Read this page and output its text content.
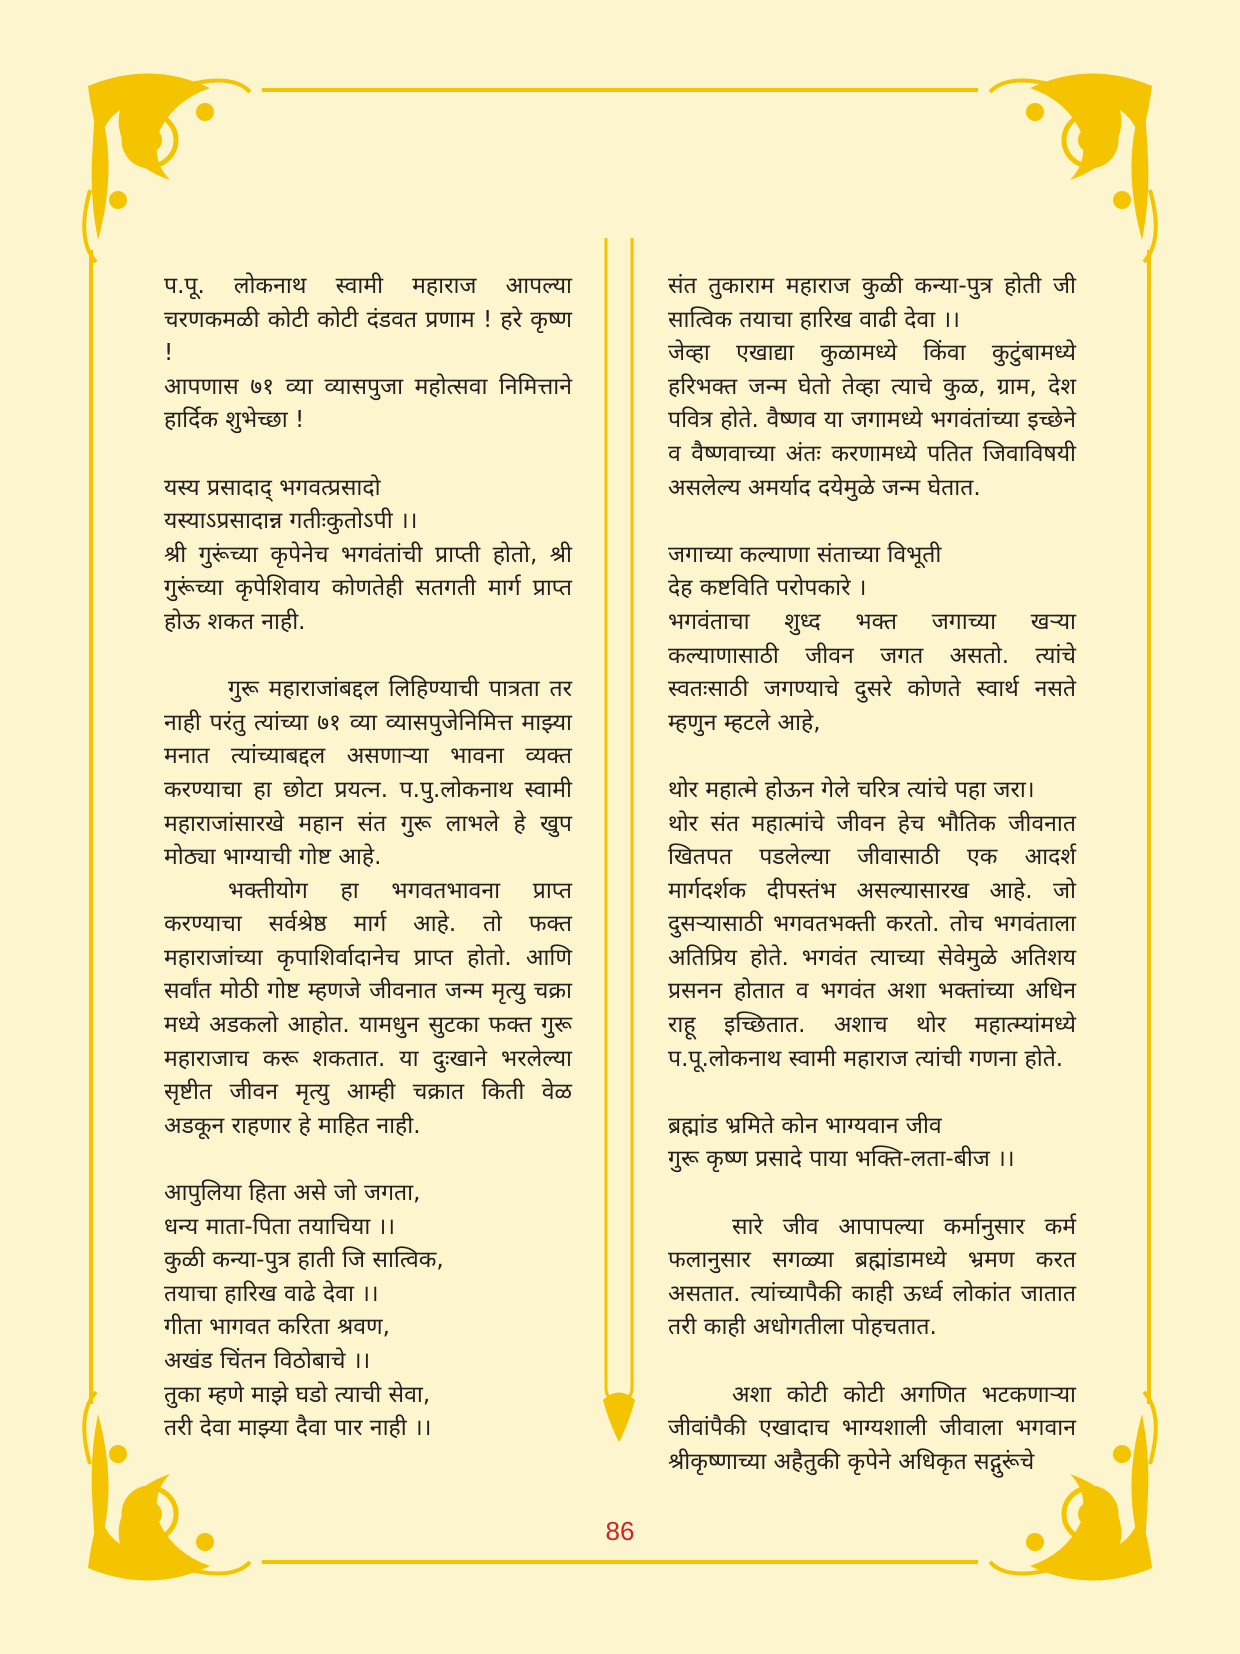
प.पू. लोकनाथ स्वामी महाराज आपल्या चरणकमळी कोटी कोटी दंडवत प्रणाम ! हरे कृष्ण !

आपणास ७१ व्या व्यासपुजा महोत्सवा निमित्ताने हार्दिक शुभेच्छा !

यस्य प्रसादाद् भगवत्प्रसादो

यस्याऽप्रसादान्न गतीःकुतोऽपी ।।

श्री गुरूंच्या कृपेनेच भगवंतांची प्राप्ती होतो, श्री गुरूंच्या कृपेशिवाय कोणतेही सतगती मार्ग प्राप्त होऊ शकत नाही.

गुरू महाराजांबद्दल लिहिण्याची पात्रता तर नाही परंतु त्यांच्या ७१ व्या व्यासपुजेनिमित्त माझ्या मनात त्यांच्याबद्दल असणाऱ्या भावना व्यक्त करण्याचा हा छोटा प्रयत्न. प.पु.लोकनाथ स्वामी महाराजांसारखे महान संत गुरू लाभले हे खुप मोठ्या भाग्याची गोष्ट आहे.

भक्तीयोग हा भगवतभावना प्राप्त करण्याचा सर्वश्रेष्ठ मार्ग आहे. तो फक्त महाराजांच्या कृपाशिर्वादानेच प्राप्त होतो. आणि सर्वांत मोठी गोष्ट म्हणजे जीवनात जन्म मृत्यु चक्रा मध्ये अडकलो आहोत. यामधुन सुटका फक्त गुरू महाराजाच करू शकतात. या दुःखाने भरलेल्या सृष्टीत जीवन मृत्यु आम्ही चक्रात किती वेळ अडकून राहणार हे माहित नाही.

आपुलिया हिता असे जो जगता,

धन्य माता-पिता तयाचिया ।।

कुळी कन्या-पुत्र हाती जि सात्विक,

तयाचा हारिख वाढे देवा ।।

गीता भागवत करिता श्रवण,

अखंड चिंतन विठोबाचे ।।

तुका म्हणे माझे घडो त्याची सेवा,

तरी देवा माझ्या दैवा पार नाही ।।

संत तुकाराम महाराज कुळी कन्या-पुत्र होती जी सात्विक तयाचा हारिख वाढी देवा ।।

जेव्हा एखाद्या कुळामध्ये किंवा कुटुंबामध्ये हरिभक्त जन्म घेतो तेव्हा त्याचे कुळ, ग्राम, देश पवित्र होते. वैष्णव या जगामध्ये भगवंतांच्या इच्छेने व वैष्णवाच्या अंतः करणामध्ये पतित जिवाविषयी असलेल्य अमर्याद दयेमुळे जन्म घेतात.

जगाच्या कल्याणा संताच्या विभूती

देह कष्टविति परोपकारे ।

भगवंताचा शुध्द भक्त जगाच्या खऱ्या कल्याणासाठी जीवन जगत असतो. त्यांचे स्वतःसाठी जगण्याचे दुसरे कोणते स्वार्थ नसते म्हणुन म्हटले आहे,

थोर महात्मे होऊन गेले चरित्र त्यांचे पहा जरा।

थोर संत महात्मांचे जीवन हेच भौतिक जीवनात खितपत पडलेल्या जीवासाठी एक आदर्श मार्गदर्शक दीपस्तंभ असल्यासारख आहे. जो दुसऱ्यासाठी भगवतभक्ती करतो. तोच भगवंताला अतिप्रिय होते. भगवंत त्याच्या सेवेमुळे अतिशय प्रसनन होतात व भगवंत अशा भक्तांच्या अधिन राहू इच्छितात. अशाच थोर महात्म्यांमध्ये प.पू.लोकनाथ स्वामी महाराज त्यांची गणना होते.

ब्रह्मांड भ्रमिते कोन भाग्यवान जीव

गुरू कृष्ण प्रसादे पाया भक्ति-लता-बीज ।।

सारे जीव आपापल्या कर्मानुसार कर्म फलानुसार सगळ्या ब्रह्मांडामध्ये भ्रमण करत असतात. त्यांच्यापैकी काही ऊर्ध्व लोकांत जातात तरी काही अधोगतीला पोहचतात.

अशा कोटी कोटी अगणित भटकणाऱ्या जीवांपैकी एखादाच भाग्यशाली जीवाला भगवान श्रीकृष्णाच्या अहैतुकी कृपेने अधिकृत सद्गुरूंचे

86
